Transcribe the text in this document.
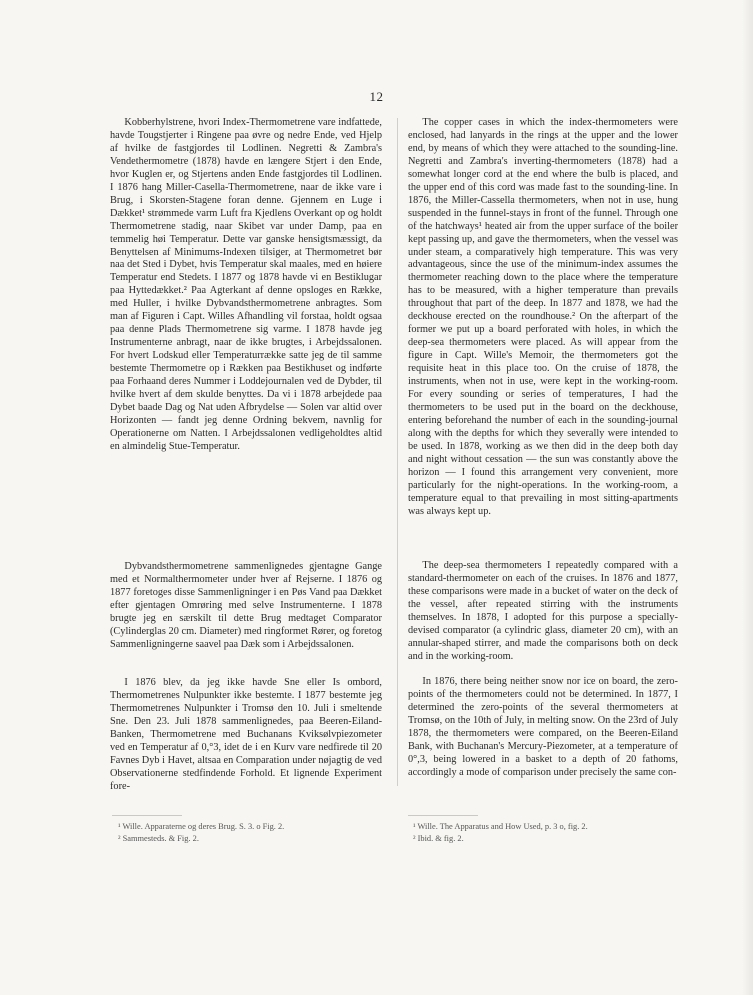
12

Kobberhylstrene, hvori Index-Thermometrene vare indfattede, havde Tougstjerter i Ringene paa øvre og nedre Ende, ved Hjelp af hvilke de fastgjordes til Lodlinen. Negretti & Zambra's Vendethermometre (1878) havde en længere Stjert i den Ende, hvor Kuglen er, og Stjertens anden Ende fastgjordes til Lodlinen. I 1876 hang Miller-Casella-Thermometrene, naar de ikke vare i Brug, i Skorsten-Stagene foran denne. Gjennem en Luge i Dækket¹ strømmede varm Luft fra Kjedlens Overkant op og holdt Thermometrene stadig, naar Skibet var under Damp, paa en temmelig høi Temperatur. Dette var ganske hensigtsmæssigt, da Benyttelsen af Minimums-Indexen tilsiger, at Thermometret bør naa det Sted i Dybet, hvis Temperatur skal maales, med en høiere Temperatur end Stedets. I 1877 og 1878 havde vi en Bestiklugar paa Hyttedækket.² Paa Agterkant af denne opsloges en Række, med Huller, i hvilke Dybvandsthermometrene anbragtes. Som man af Figuren i Capt. Willes Afhandling vil forstaa, holdt ogsaa paa denne Plads Thermometrene sig varme. I 1878 havde jeg Instrumenterne anbragt, naar de ikke brugtes, i Arbejdssalonen. For hvert Lodskud eller Temperaturrække satte jeg de til samme bestemte Thermometre op i Rækken paa Bestikhuset og indførte paa Forhaand deres Nummer i Loddejournalen ved de Dybder, til hvilke hvert af dem skulde benyttes. Da vi i 1878 arbejdede paa Dybet baade Dag og Nat uden Afbrydelse — Solen var altid over Horizonten — fandt jeg denne Ordning bekvem, navnlig for Operationerne om Natten. I Arbejdssalonen vedligeholdtes altid en almindelig Stue-Temperatur.

The copper cases in which the index-thermometers were enclosed, had lanyards in the rings at the upper and the lower end, by means of which they were attached to the sounding-line. Negretti and Zambra's inverting-thermometers (1878) had a somewhat longer cord at the end where the bulb is placed, and the upper end of this cord was made fast to the sounding-line. In 1876, the Miller-Cassella thermometers, when not in use, hung suspended in the funnel-stays in front of the funnel. Through one of the hatchways¹ heated air from the upper surface of the boiler kept passing up, and gave the thermometers, when the vessel was under steam, a comparatively high temperature. This was very advantageous, since the use of the minimum-index assumes the thermometer reaching down to the place where the temperature has to be measured, with a higher temperature than prevails throughout that part of the deep. In 1877 and 1878, we had the deckhouse erected on the roundhouse.² On the afterpart of the former we put up a board perforated with holes, in which the deep-sea thermometers were placed. As will appear from the figure in Capt. Wille's Memoir, the thermometers got the requisite heat in this place too. On the cruise of 1878, the instruments, when not in use, were kept in the working-room. For every sounding or series of temperatures, I had the thermometers to be used put in the board on the deckhouse, entering beforehand the number of each in the sounding-journal along with the depths for which they severally were intended to be used. In 1878, working as we then did in the deep both day and night without cessation — the sun was constantly above the horizon — I found this arrangement very convenient, more particularly for the night-operations. In the working-room, a temperature equal to that prevailing in most sitting-apartments was always kept up.

Dybvandsthermometrene sammenlignedes gjentagne Gange med et Normalthermometer under hver af Rejserne. I 1876 og 1877 foretoges disse Sammenligninger i en Pøs Vand paa Dækket efter gjentagen Omrøring med selve Instrumenterne. I 1878 brugte jeg en særskilt til dette Brug medtaget Comparator (Cylinderglas 20 cm. Diameter) med ringformet Rører, og foretog Sammenligningerne saavel paa Dæk som i Arbejdssalonen.

I 1876 blev, da jeg ikke havde Sne eller Is ombord, Thermometrenes Nulpunkter ikke bestemte. I 1877 bestemte jeg Thermometrenes Nulpunkter i Tromsø den 10. Juli i smeltende Sne. Den 23. Juli 1878 sammenlignedes, paa Beeren-Eiland-Banken, Thermometrene med Buchanans Kviksølvpiezometer ved en Temperatur af 0,°3, idet de i en Kurv vare nedfirede til 20 Favnes Dyb i Havet, altsaa en Comparation under nøjagtig de ved Observationerne stedfindende Forhold. Et lignende Experiment fore-

The deep-sea thermometers I repeatedly compared with a standard-thermometer on each of the cruises. In 1876 and 1877, these comparisons were made in a bucket of water on the deck of the vessel, after repeated stirring with the instruments themselves. In 1878, I adopted for this purpose a specially-devised comparator (a cylindric glass, diameter 20 cm), with an annular-shaped stirrer, and made the comparisons both on deck and in the working-room.

In 1876, there being neither snow nor ice on board, the zero-points of the thermometers could not be determined. In 1877, I determined the zero-points of the several thermometers at Tromsø, on the 10th of July, in melting snow. On the 23rd of July 1878, the thermometers were compared, on the Beeren-Eiland Bank, with Buchanan's Mercury-Piezometer, at a temperature of 0°,3, being lowered in a basket to a depth of 20 fathoms, accordingly a mode of comparison under precisely the same con-

¹ Wille. Apparaterne og deres Brug. S. 3. o Fig. 2.
² Sammesteds. & Fig. 2.
¹ Wille. The Apparatus and How Used, p. 3 o, fig. 2.
² Ibid. & fig. 2.
